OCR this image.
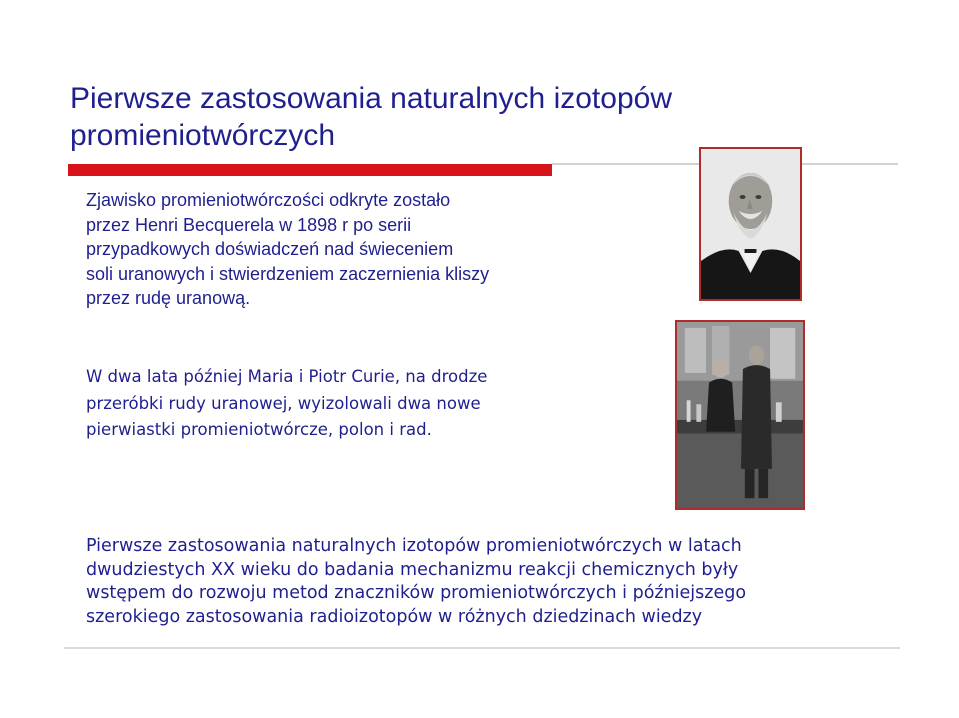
Pierwsze zastosowania naturalnych izotopów promieniotwórczych
Zjawisko promieniotwórczości odkryte zostało
przez Henri Becquerela w 1898 r po serii
przypadkowych doświadczeń nad świeceniem
soli uranowych i stwierdzeniem zaczernienia kliszy
przez rudę uranową.
W dwa lata później Maria i Piotr Curie, na drodze
przeróbki rudy uranowej, wyizolowali dwa nowe
pierwiastki promieniotwórcze, polon i rad.
Pierwsze zastosowania naturalnych izotopów promieniotwórczych w latach
dwudziestych XX wieku do badania mechanizmu reakcji chemicznych były
wstępem do rozwoju metod znaczników promieniotwórczych i późniejszego
szerokiego zastosowania radioizotopów w różnych dziedzinach wiedzy
